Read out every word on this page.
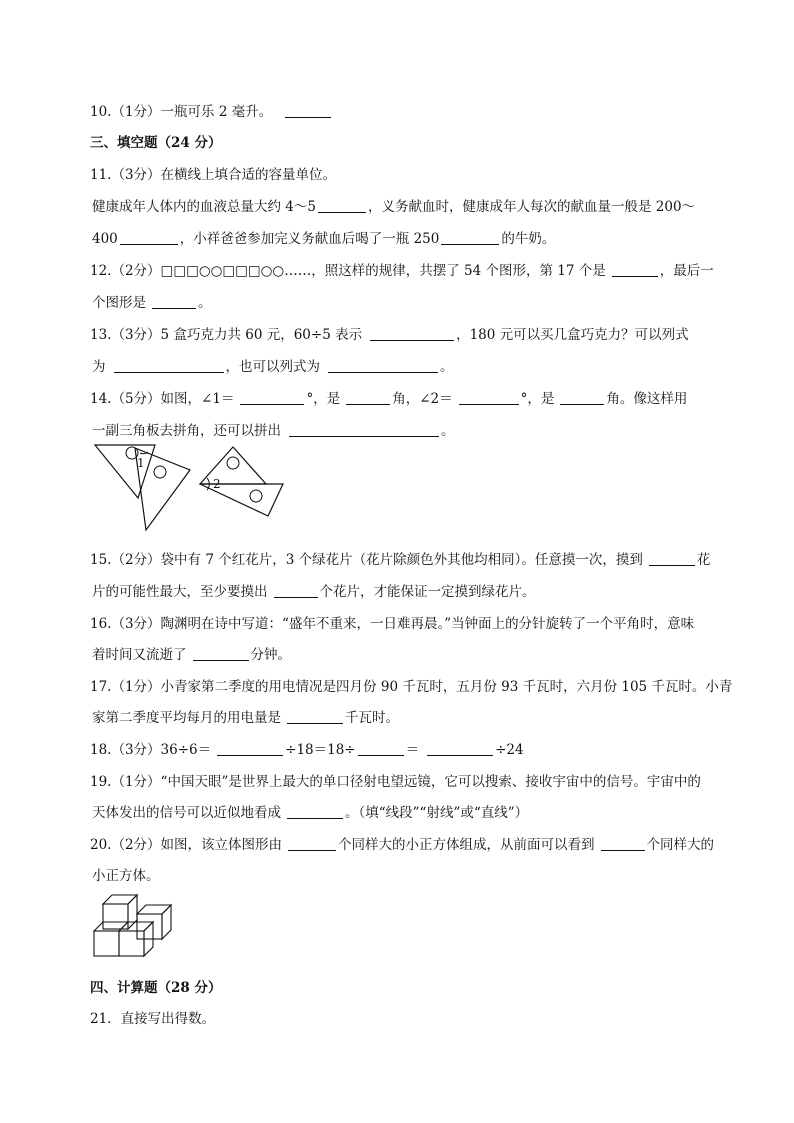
10.（1分）一瓶可乐 2 毫升。
三、填空题（24 分）
11.（3分）在横线上填合适的容量单位。
健康成年人体内的血液总量大约 4～5	，义务献血时，健康成年人每次的献血量一般是 200～
400	，小祥爸爸参加完义务献血后喝了一瓶 250	的牛奶。
12.（2分）□□□○○□□□○○……，照这样的规律，共摆了 54 个图形，第 17 个是	，最后一
个图形是	。
13.（3分）5 盒巧克力共 60 元，60÷5 表示	，180 元可以买几盒巧克力？可以列式
为	，也可以列式为	。
14.（5分）如图，∠1＝	°，是	角，∠2＝	°，是	角。像这样用
一副三角板去拼角，还可以拼出	。
1
2
15.（2分）袋中有 7 个红花片，3 个绿花片（花片除颜色外其他均相同）。任意摸一次，摸到	花
片的可能性最大，至少要摸出	个花片，才能保证一定摸到绿花片。
16.（3分）陶渊明在诗中写道：“盛年不重来，一日难再晨。”当钟面上的分针旋转了一个平角时，意味
着时间又流逝了	分钟。
17.（1分）小青家第二季度的用电情况是四月份 90 千瓦时，五月份 93 千瓦时，六月份 105 千瓦时。小青
家第二季度平均每月的用电量是	千瓦时。
18.（3分）36÷6＝	÷18＝18÷	＝	÷24
19.（1分）“中国天眼”是世界上最大的单口径射电望远镜，它可以搜索、接收宇宙中的信号。宇宙中的
天体发出的信号可以近似地看成	。（填“线段”“射线”或“直线”）
20.（2分）如图，该立体图形由	个同样大的小正方体组成，从前面可以看到	个同样大的
小正方体。
四、计算题（28 分）
21．直接写出得数。
